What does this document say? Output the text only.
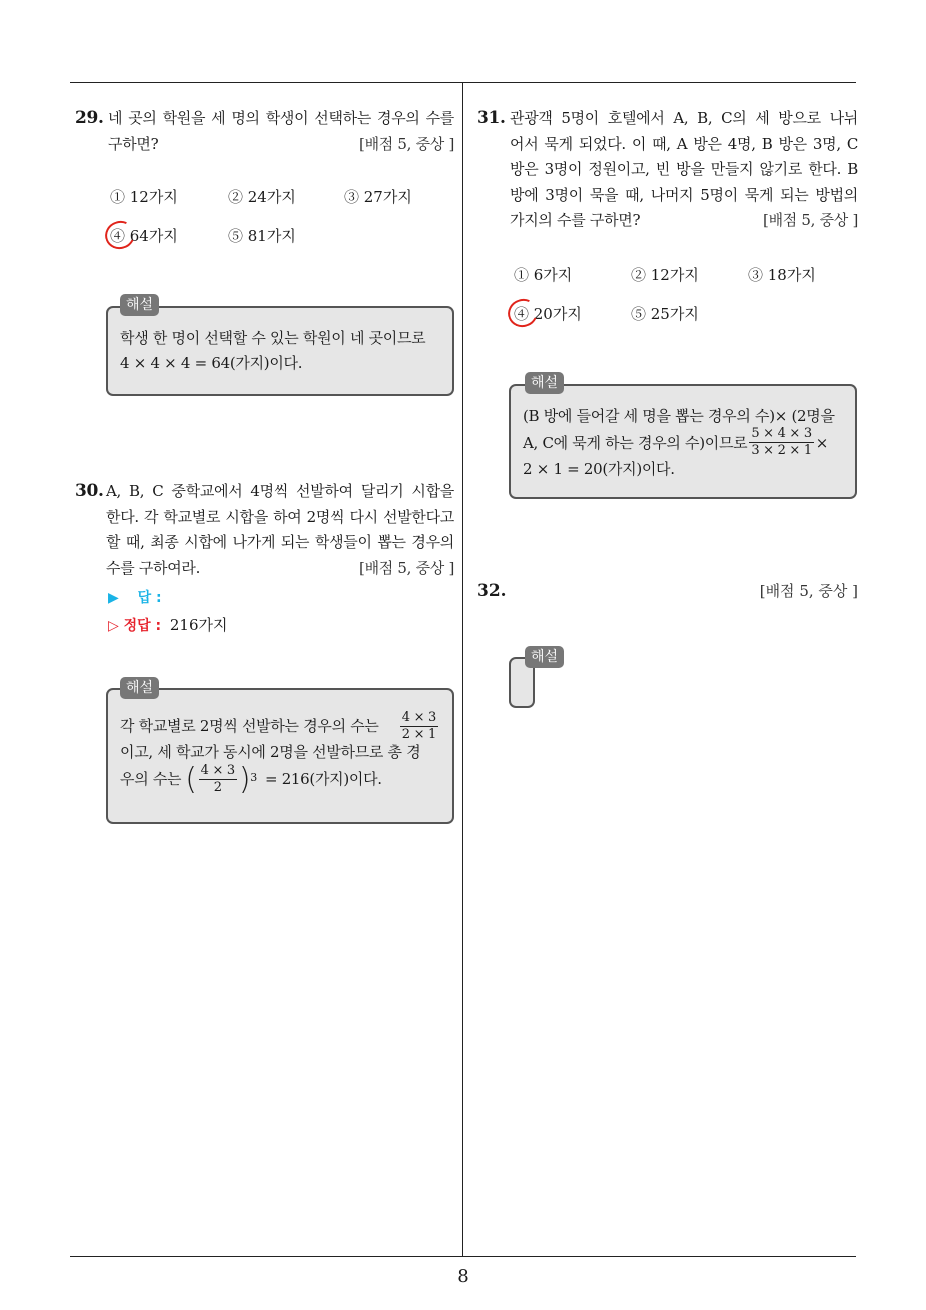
8
29. 네 곳의 학원을 세 명의 학생이 선택하는 경우의 수를
구하면?	[배점 5, 중상 ]
① 12가지	② 24가지	③ 27가지
④ 64가지	⑤ 81가지
학생 한 명이 선택할 수 있는 학원이 네 곳이므로
4 × 4 × 4 = 64(가지)이다.
해설
30. A, B, C 중학교에서 4명씩 선발하여 달리기 시합을
한다. 각 학교별로 시합을 하여 2명씩 다시 선발한다고
할 때, 최종 시합에 나가게 되는 학생들이 뽑는 경우의
수를 구하여라.	[배점 5, 중상 ]
▶ 답 :
▷ 정답 : 216가지
각 학교별로 2명씩 선발하는 경우의 수는 $\frac{4 \times 3}{2 \times 1}$
이고, 세 학교가 동시에 2명을 선발하므로 총 경
우의 수는 ( $\frac{4 \times 3}{2}$ ) 3 = 216(가지)이다.
해설
31. 관광객 5명이 호텔에서 A, B, C의 세 방으로 나뉘
어서 묵게 되었다. 이 때, A 방은 4명, B 방은 3명, C
방은 3명이 정원이고, 빈 방을 만들지 않기로 한다. B
방에 3명이 묵을 때, 나머지 5명이 묵게 되는 방법의
가지의 수를 구하면?	[배점 5, 중상 ]
① 6가지	② 12가지	③ 18가지
④ 20가지	⑤ 25가지
(B 방에 들어갈 세 명을 뽑는 경우의 수)× (2명을
A, C에 묵게 하는 경우의 수)이므로 $\frac{5 \times 4 \times 3}{3 \times 2 \times 1}$ ×
2 × 1 = 20(가지)이다.
해설
32.	[배점 5, 중상 ]
해설
